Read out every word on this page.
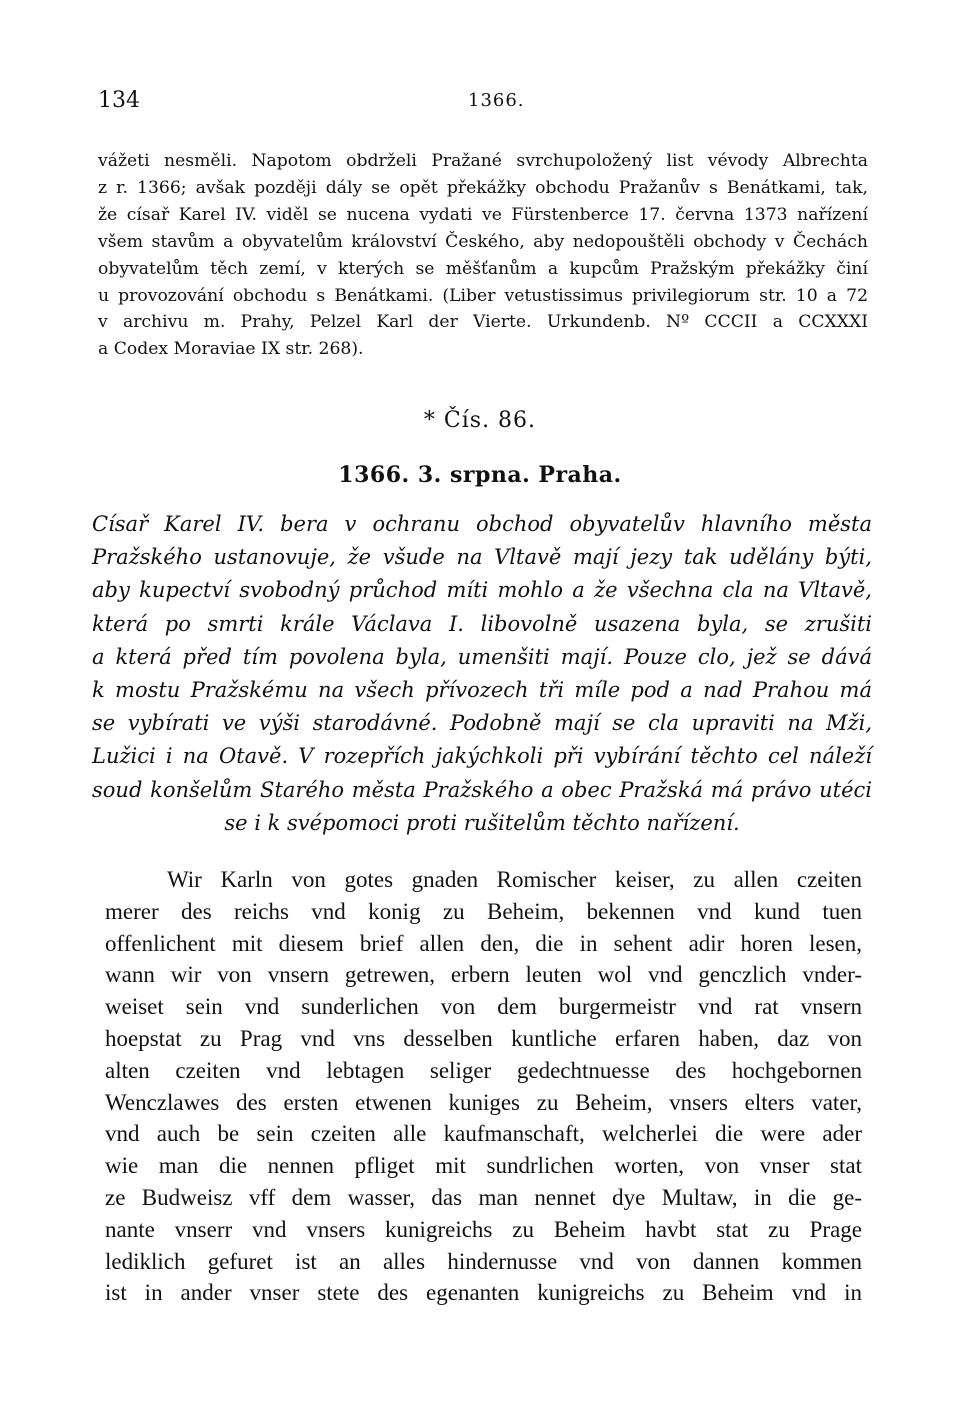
134	1366.
vážeti nesměli. Napotom obdrželi Pražané svrchupoložený list vévody Albrechta
z r. 1366; avšak později dály se opět překážky obchodu Pražanův s Benátkami, tak,
že císař Karel IV. viděl se nucena vydati ve Fürstenberce 17. června 1373 nařízení
všem stavům a obyvatelům království Českého, aby nedopouštěli obchody v Čechách
obyvatelům těch zemí, v kterých se měšťanům a kupcům Pražským překážky činí
u provozování obchodu s Benátkami. (Liber vetustissimus privilegiorum str. 10 a 72
v archivu m. Prahy, Pelzel Karl der Vierte. Urkundenb. Nº CCCII a CCXXXI
a Codex Moraviae IX str. 268).
* Čís. 86.
1366. 3. srpna. Praha.
Císař Karel IV. bera v ochranu obchod obyvatelův hlavního města
Pražského ustanovuje, že všude na Vltavě mají jezy tak udělány býti,
aby kupectví svobodný průchod míti mohlo a že všechna cla na Vltavě,
která po smrti krále Václava I. libovolně usazena byla, se zrušiti
a která před tím povolena byla, umenšiti mají. Pouze clo, jež se dává
k mostu Pražskému na všech přívozech tři míle pod a nad Prahou má
se vybírati ve výši starodávné. Podobně mají se cla upraviti na Mži,
Lužici i na Otavě. V rozepřích jakýchkoli při vybírání těchto cel náleží
soud konšelům Starého města Pražského a obec Pražská má právo utéci
se i k svépomoci proti rušitelům těchto nařízení.
Wir Karln von gotes gnaden Romischer keiser, zu allen czeiten
merer des reichs vnd konig zu Beheim, bekennen vnd kund tuen
offenlichent mit diesem brief allen den, die in sehent adir horen lesen,
wann wir von vnsern getrewen, erbern leuten wol vnd genczlich vnder-
weiset sein vnd sunderlichen von dem burgermeistr vnd rat vnsern
hoepstat zu Prag vnd vns desselben kuntliche erfaren haben, daz von
alten czeiten vnd lebtagen seliger gedechtnuesse des hochgebornen
Wenczlawes des ersten etwenen kuniges zu Beheim, vnsers elters vater,
vnd auch be sein czeiten alle kaufmanschaft, welcherlei die were ader
wie man die nennen pfliget mit sundrlichen worten, von vnser stat
ze Budweisz vff dem wasser, das man nennet dye Multaw, in die ge-
nante vnserr vnd vnsers kunigreichs zu Beheim havbt stat zu Prage
lediklich gefuret ist an alles hindernusse vnd von dannen kommen
ist in ander vnser stete des egenanten kunigreichs zu Beheim vnd in
